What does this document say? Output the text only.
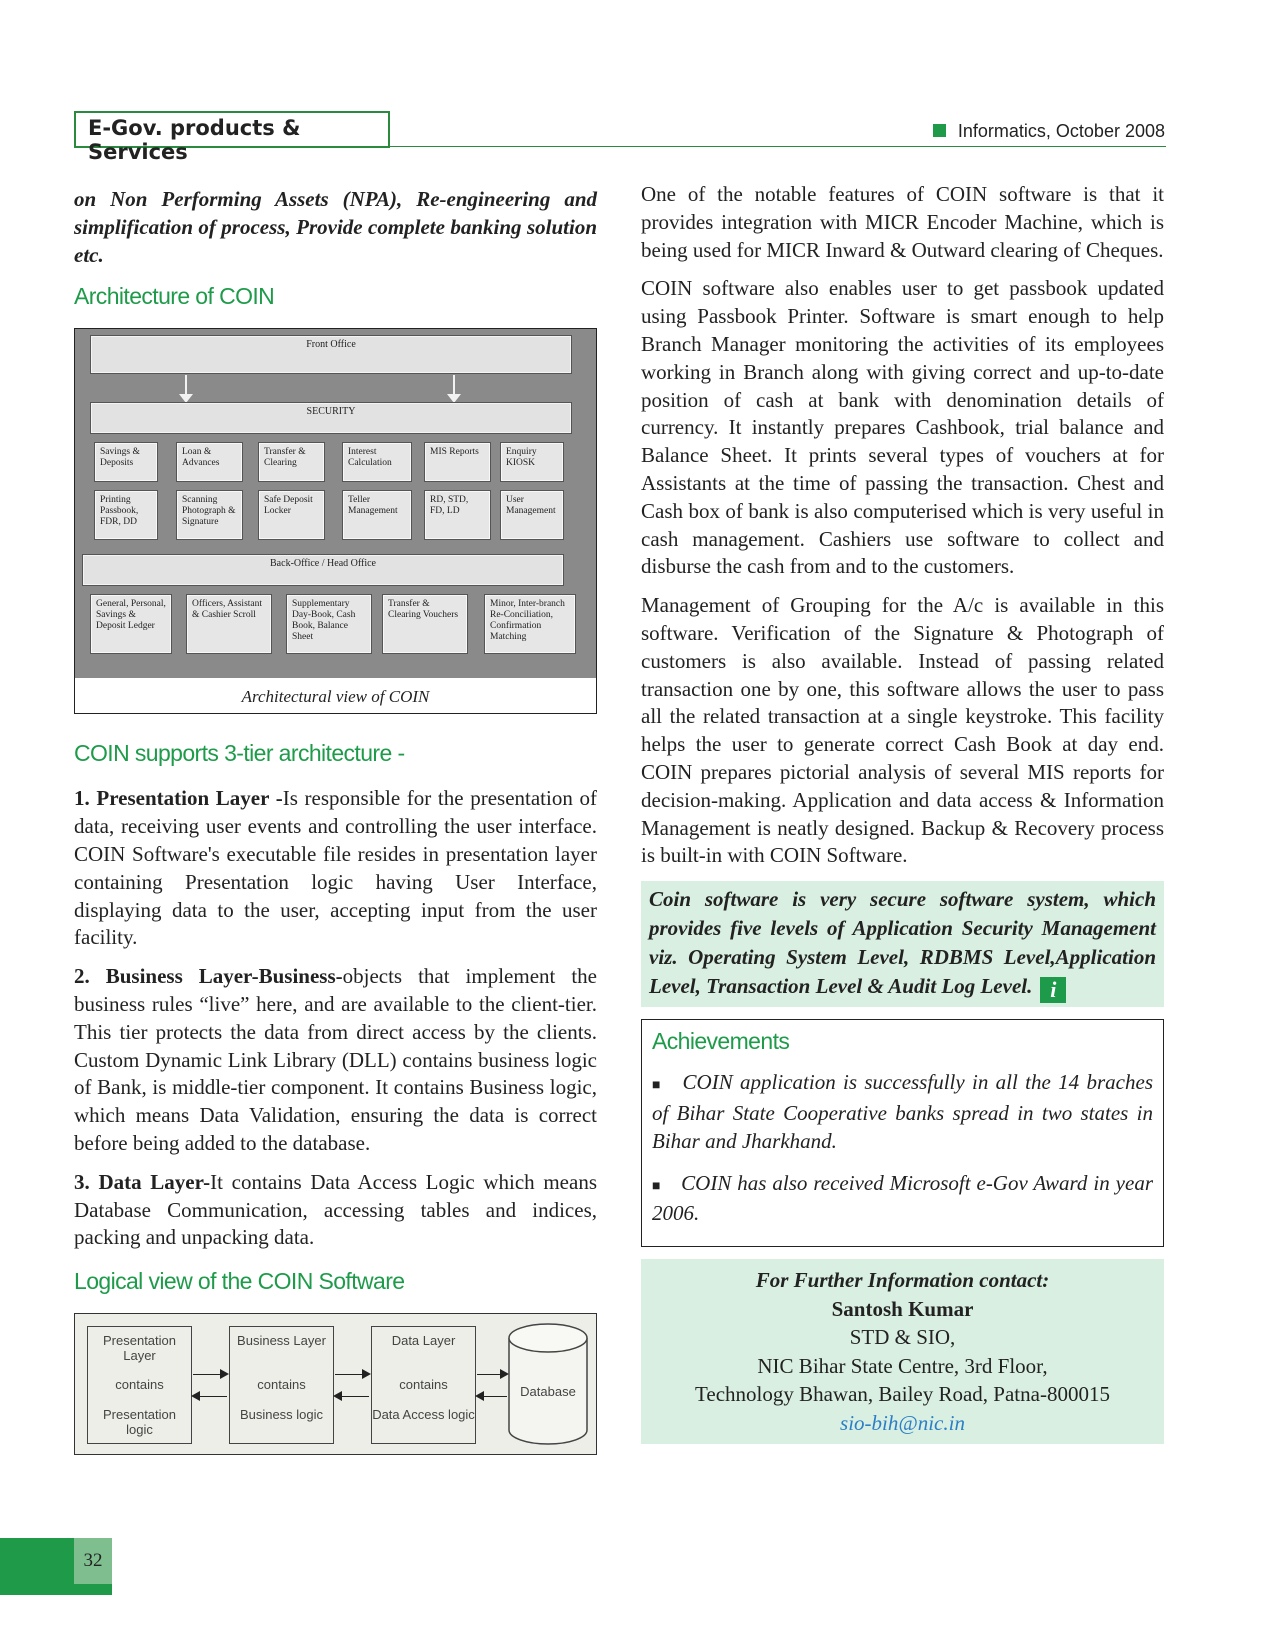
E-Gov. products & Services
Informatics, October 2008

on Non Performing Assets (NPA), Re-engineering and simplification of process, Provide complete banking solution etc.

Architecture of COIN
Front Office
SECURITY
Savings & Deposits
Loan & Advances
Transfer & Clearing
Interest Calculation
MIS Reports	Enquiry KIOSK
Printing Passbook, FDR, DD
Scanning Photograph & Signature
Safe Deposit Locker
Teller Management
RD, STD, FD, LD
User Management
Back-Office / Head Office
General, Personal, Savings & Deposit Ledger
Officers, Assistant & Cashier Scroll
Supplementary Day-Book, Cash Book, Balance Sheet
Transfer & Clearing Vouchers
Minor, Inter-branch Re-Conciliation, Confirmation Matching
Architectural view of COIN
COIN supports 3-tier architecture -

1. Presentation Layer -Is responsible for the presentation of data, receiving user events and controlling the user interface. COIN Software's executable file resides in presentation layer containing Presentation logic having User Interface, displaying data to the user, accepting input from the user facility.

2. Business Layer-Business-objects that implement the business rules “live” here, and are available to the client-tier. This tier protects the data from direct access by the clients. Custom Dynamic Link Library (DLL) contains business logic of Bank, is middle-tier component. It contains Business logic, which means Data Validation, ensuring the data is correct before being added to the database.

3. Data Layer-It contains Data Access Logic which means Database Communication, accessing tables and indices, packing and unpacking data.

Logical view of the COIN Software
Presentation Layer
contains
Presentation logic
Business Layer
contains
Business logic
Data Layer
contains
Data Access logic
Database

One of the notable features of COIN software is that it provides integration with MICR Encoder Machine, which is being used for MICR Inward & Outward clearing of Cheques.

COIN software also enables user to get passbook updated using Passbook Printer. Software is smart enough to help Branch Manager monitoring the activities of its employees working in Branch along with giving correct and up-to-date position of cash at bank with denomination details of currency. It instantly prepares Cashbook, trial balance and Balance Sheet. It prints several types of vouchers at for Assistants at the time of passing the transaction. Chest and Cash box of bank is also computerised which is very useful in cash management. Cashiers use software to collect and disburse the cash from and to the customers.

Management of Grouping for the A/c is available in this software. Verification of the Signature & Photograph of customers is also available. Instead of passing related transaction one by one, this software allows the user to pass all the related transaction at a single keystroke. This facility helps the user to generate correct Cash Book at day end. COIN prepares pictorial analysis of several MIS reports for decision-making. Application and data access & Information Management is neatly designed. Backup & Recovery process is built-in with COIN Software.

Coin software is very secure software system, which provides five levels of Application Security Management viz. Operating System Level, RDBMS Level,Application Level, Transaction Level & Audit Log Level. i

Achievements

■ COIN application is successfully in all the 14 braches of Bihar State Cooperative banks spread in two states in Bihar and Jharkhand.

■ COIN has also received Microsoft e-Gov Award in year 2006.

For Further Information contact:
Santosh Kumar
STD & SIO,
NIC Bihar State Centre, 3rd Floor,
Technology Bhawan, Bailey Road, Patna-800015
sio-bih@nic.in
32
